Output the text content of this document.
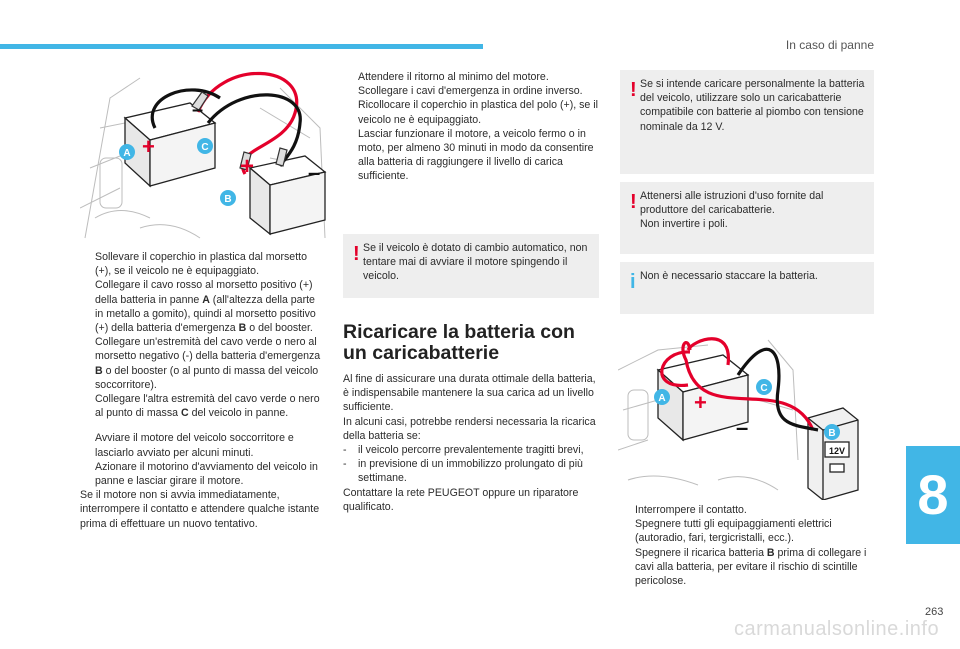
In caso di panne
+
+ –
–
A
C
B

Sollevare il coperchio in plastica dal morsetto (+), se il veicolo ne è equipaggiato.

Collegare il cavo rosso al morsetto positivo (+) della batteria in panne A (all'altezza della parte in metallo a gomito), quindi al morsetto positivo (+) della batteria d'emergenza B o del booster.

Collegare un'estremità del cavo verde o nero al morsetto negativo (-) della batteria d'emergenza B o del booster (o al punto di massa del veicolo soccorritore).

Collegare l'altra estremità del cavo verde o nero al punto di massa C del veicolo in panne.

Avviare il motore del veicolo soccorritore e lasciarlo avviato per alcuni minuti.

Azionare il motorino d'avviamento del veicolo in panne e lasciar girare il motore.

Se il motore non si avvia immediatamente, interrompere il contatto e attendere qualche istante prima di effettuare un nuovo tentativo.

Attendere il ritorno al minimo del motore.

Scollegare i cavi d'emergenza in ordine inverso.

Ricollocare il coperchio in plastica del polo (+), se il veicolo ne è equipaggiato.

Lasciar funzionare il motore, a veicolo fermo o in moto, per almeno 30 minuti in modo da consentire alla batteria di raggiungere il livello di carica sufficiente.

! Se il veicolo è dotato di cambio automatico, non tentare mai di avviare il motore spingendo il veicolo.
Ricaricare la batteria con un caricabatterie

Al fine di assicurare una durata ottimale della batteria, è indispensabile mantenere la sua carica ad un livello sufficiente.

In alcuni casi, potrebbe rendersi necessaria la ricarica della batteria se:

- il veicolo percorre prevalentemente tragitti brevi,

- in previsione di un immobilizzo prolungato di più settimane.

Contattare la rete PEUGEOT oppure un riparatore qualificato.

! Se si intende caricare personalmente la batteria del veicolo, utilizzare solo un caricabatterie compatibile con batterie al piombo con tensione nominale da 12 V.
! Attenersi alle istruzioni d'uso fornite dal produttore del caricabatterie.
Non invertire i poli.
i Non è necessario staccare la batteria.
12V
+
–
A
C
B

Interrompere il contatto.

Spegnere tutti gli equipaggiamenti elettrici (autoradio, fari, tergicristalli, ecc.).

Spegnere il ricarica batteria B prima di collegare i cavi alla batteria, per evitare il rischio di scintille pericolose.

8
263
carmanualsonline.info
